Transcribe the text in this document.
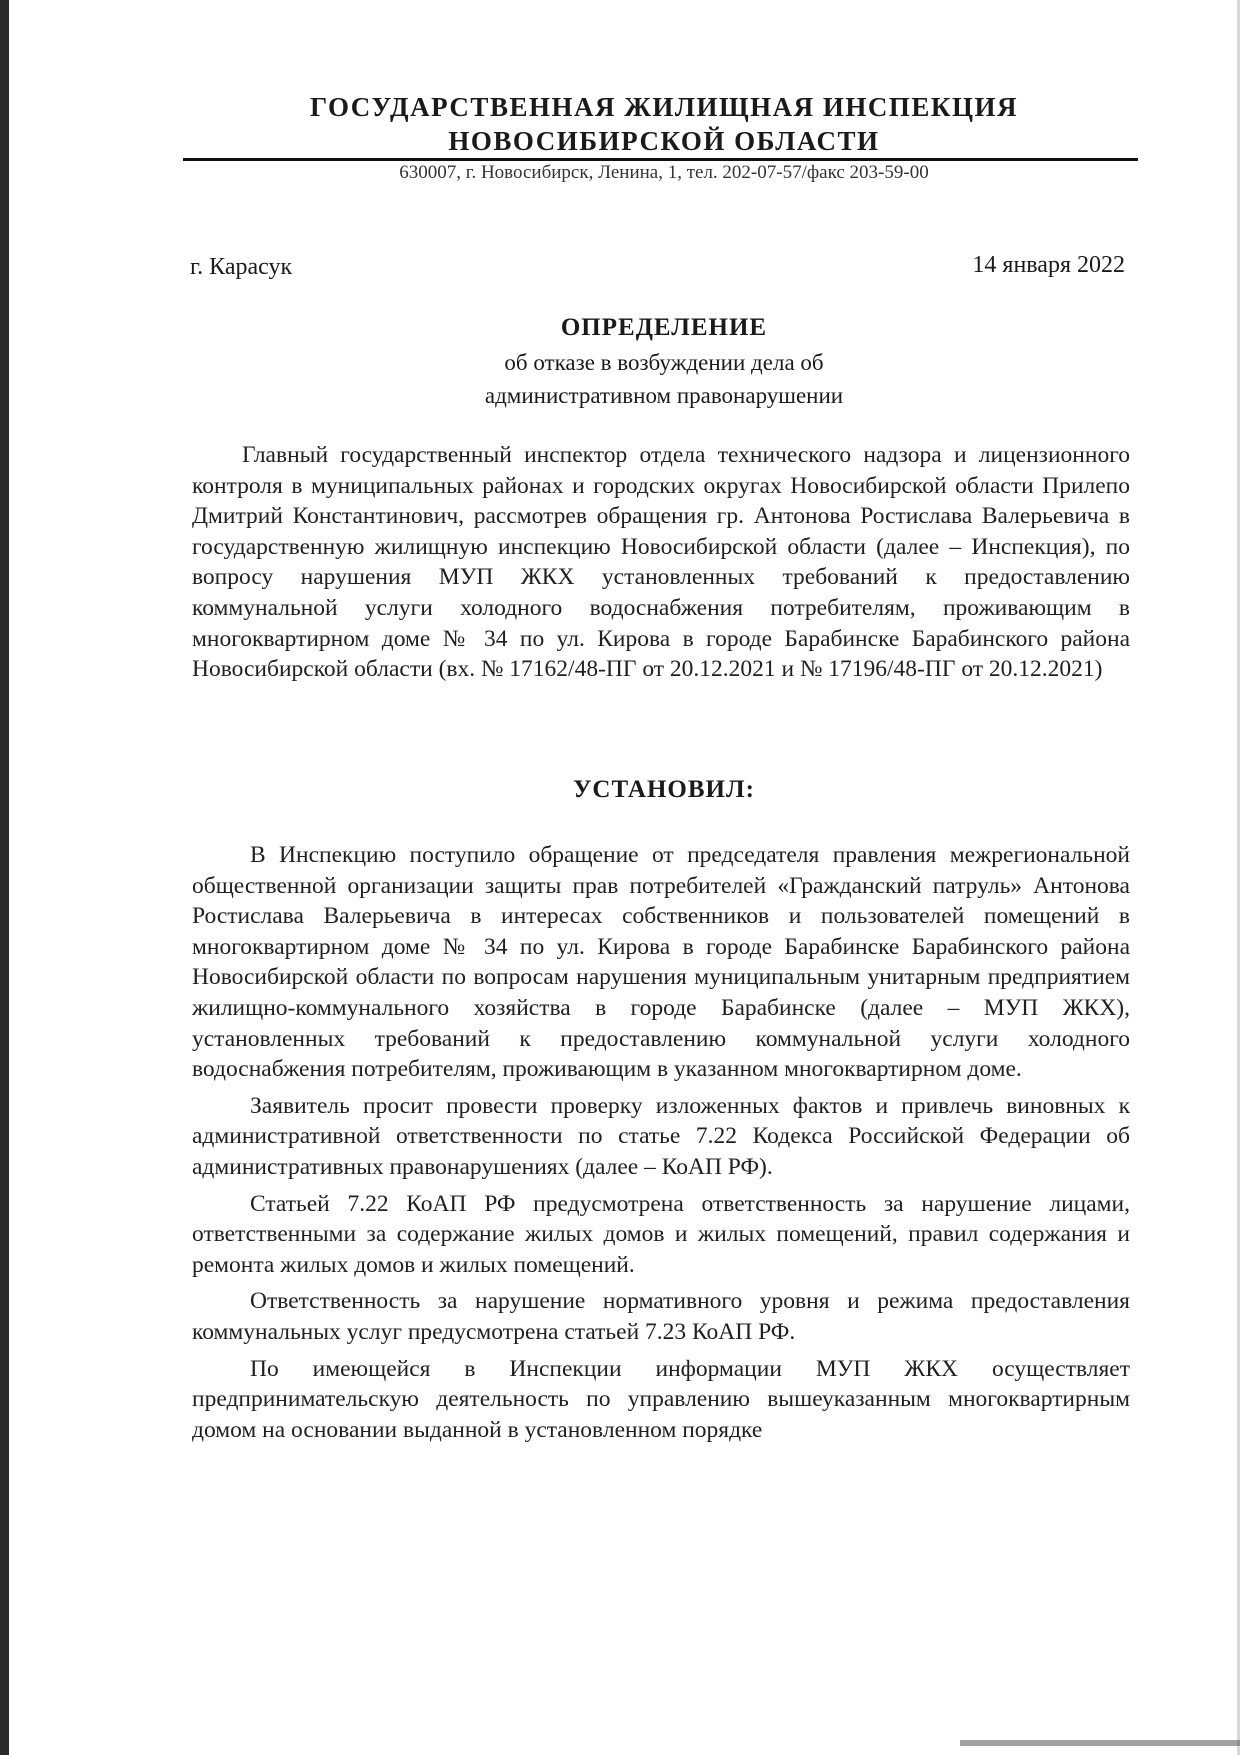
ГОСУДАРСТВЕННАЯ ЖИЛИЩНАЯ ИНСПЕКЦИЯ
НОВОСИБИРСКОЙ ОБЛАСТИ
630007, г. Новосибирск, Ленина, 1, тел. 202-07-57/факс 203-59-00
г. Карасук	14 января 2022
ОПРЕДЕЛЕНИЕ
об отказе в возбуждении дела об
административном правонарушении
Главный государственный инспектор отдела технического надзора и лицензионного контроля в муниципальных районах и городских округах Новосибирской области Прилепо Дмитрий Константинович, рассмотрев обращения гр. Антонова Ростислава Валерьевича в государственную жилищную инспекцию Новосибирской области (далее – Инспекция), по вопросу нарушения МУП ЖКХ установленных требований к предоставлению коммунальной услуги холодного водоснабжения потребителям, проживающим в многоквартирном доме № 34 по ул. Кирова в городе Барабинске Барабинского района Новосибирской области (вх. № 17162/48-ПГ от 20.12.2021 и № 17196/48-ПГ от 20.12.2021)
УСТАНОВИЛ:

В Инспекцию поступило обращение от председателя правления межрегиональной общественной организации защиты прав потребителей «Гражданский патруль» Антонова Ростислава Валерьевича в интересах собственников и пользователей помещений в многоквартирном доме № 34 по ул. Кирова в городе Барабинске Барабинского района Новосибирской области по вопросам нарушения муниципальным унитарным предприятием жилищно-коммунального хозяйства в городе Барабинске (далее – МУП ЖКХ), установленных требований к предоставлению коммунальной услуги холодного водоснабжения потребителям, проживающим в указанном многоквартирном доме.

Заявитель просит провести проверку изложенных фактов и привлечь виновных к административной ответственности по статье 7.22 Кодекса Российской Федерации об административных правонарушениях (далее – КоАП РФ).

Статьей 7.22 КоАП РФ предусмотрена ответственность за нарушение лицами, ответственными за содержание жилых домов и жилых помещений, правил содержания и ремонта жилых домов и жилых помещений.

Ответственность за нарушение нормативного уровня и режима предоставления коммунальных услуг предусмотрена статьей 7.23 КоАП РФ.

По имеющейся в Инспекции информации МУП ЖКХ осуществляет предпринимательскую деятельность по управлению вышеуказанным многоквартирным домом на основании выданной в установленном порядке
